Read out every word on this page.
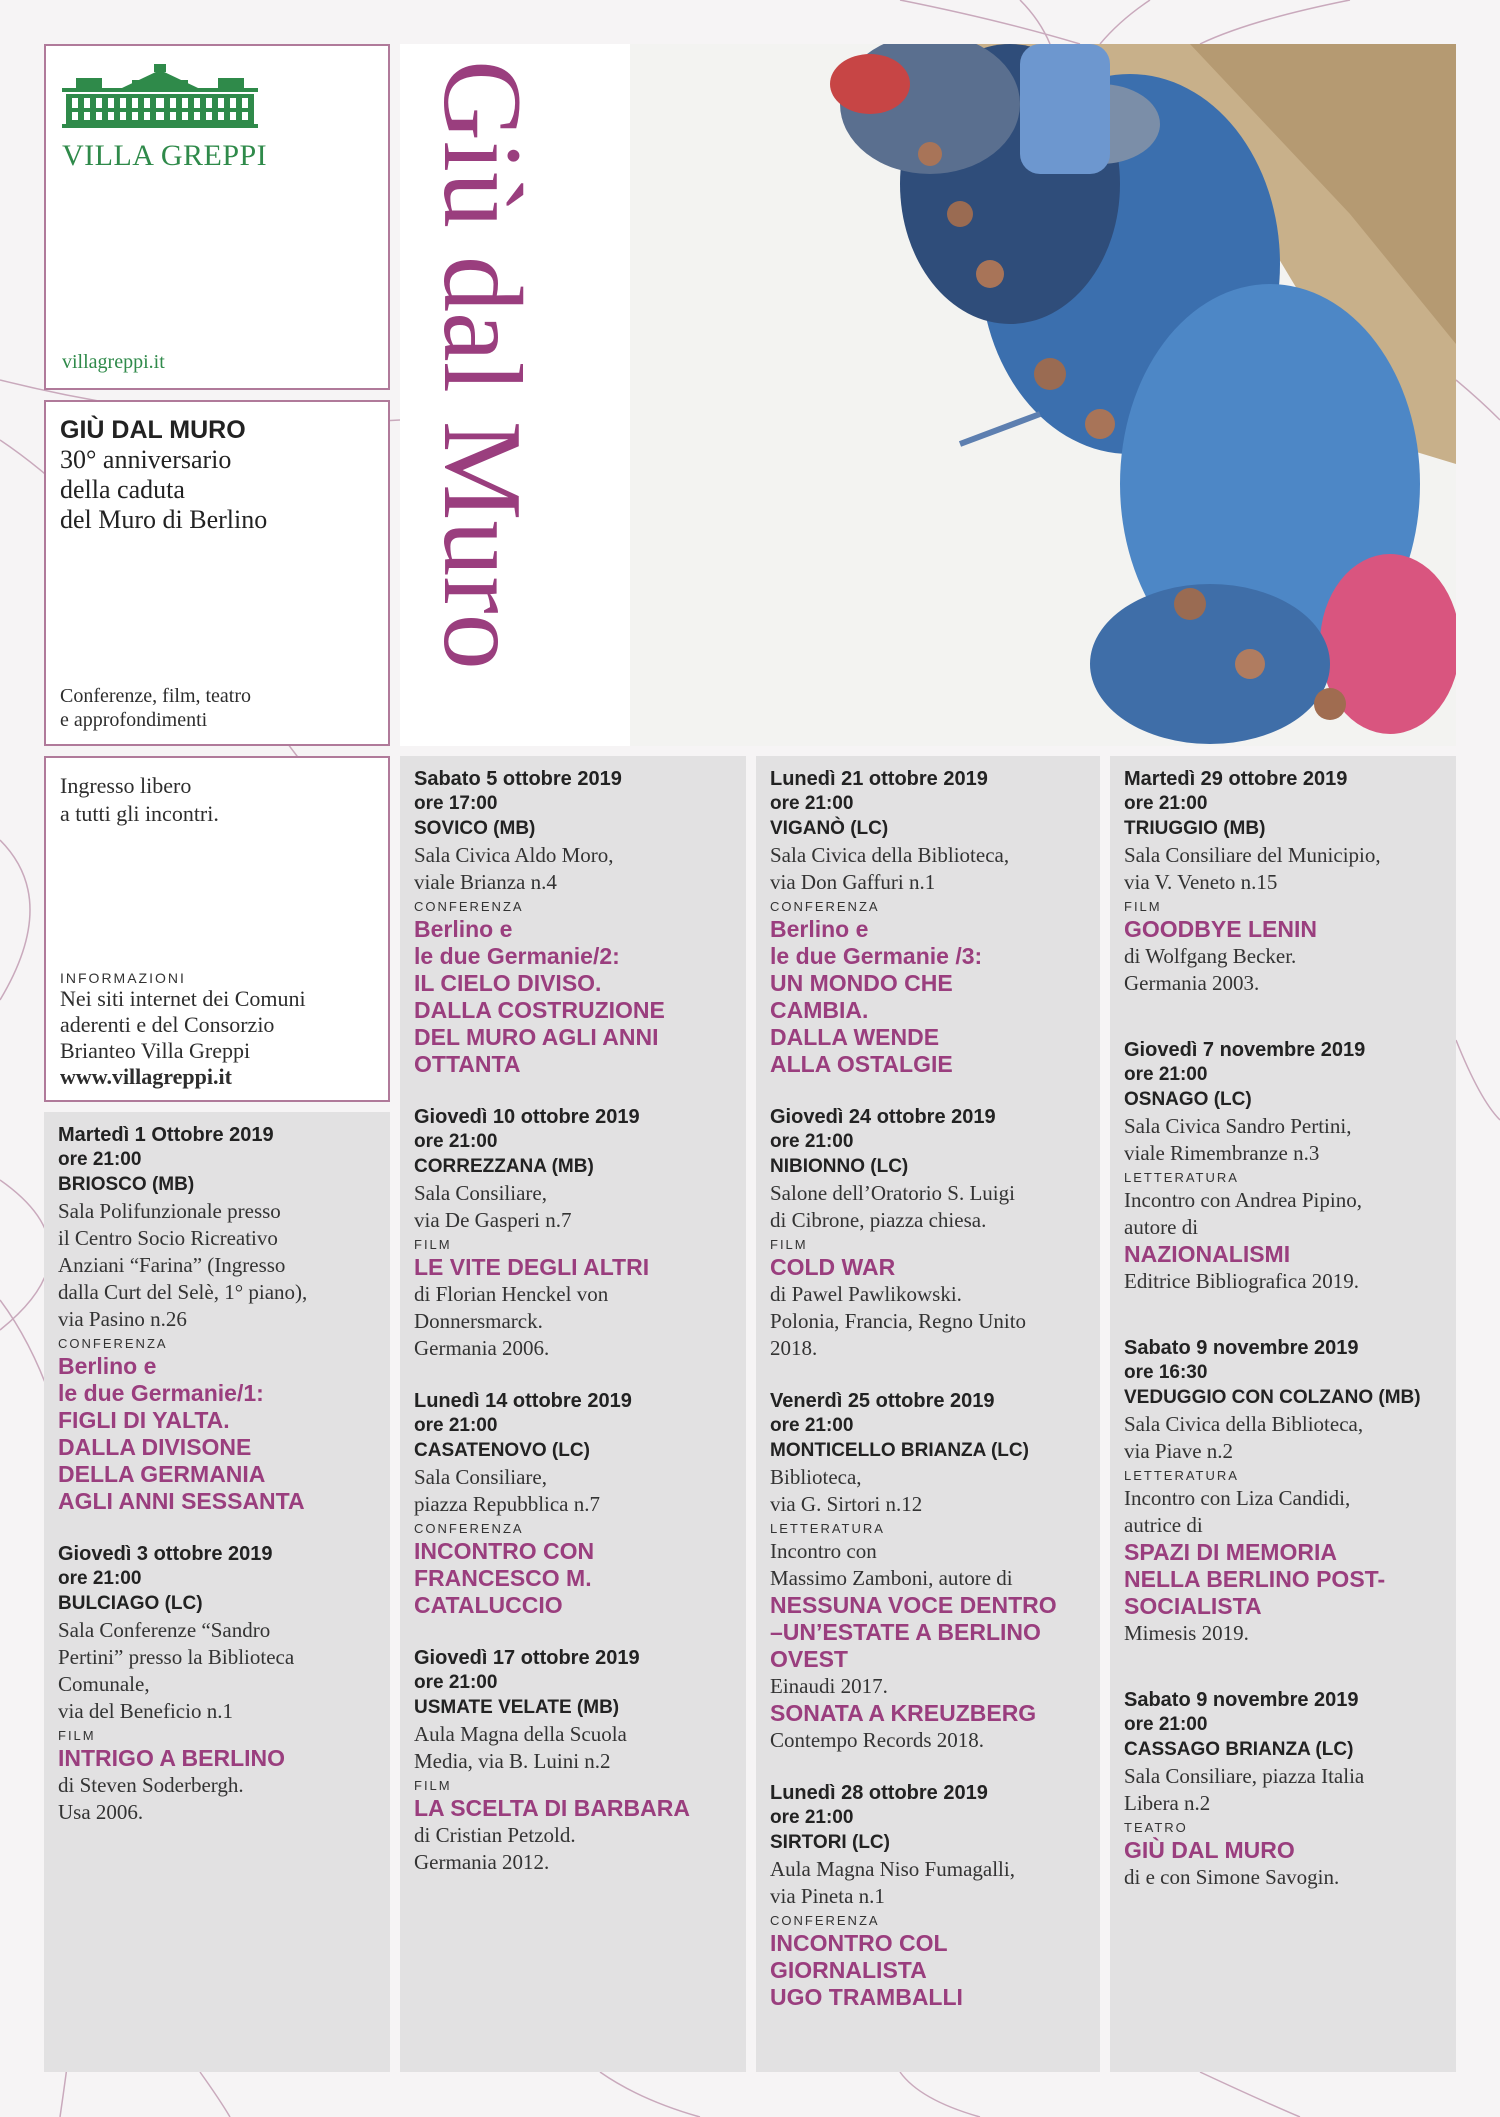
VILLA GREPPI
villagreppi.it
GIÙ DAL MURO
30° anniversario
della caduta
del Muro di Berlino
Conferenze, film, teatro
e approfondimenti
Ingresso libero
a tutti gli incontri.
INFORMAZIONI
Nei siti internet dei Comuni
aderenti e del Consorzio
Brianteo Villa Greppi
www.villagreppi.it
Giù dal Muro
Martedì 1 Ottobre 2019
ore 21:00
BRIOSCO (MB)
Sala Polifunzionale presso
il Centro Socio Ricreativo
Anziani “Farina” (Ingresso
dalla Curt del Selè, 1° piano),
via Pasino n.26
CONFERENZA
Berlino e
le due Germanie/1:
FIGLI DI YALTA.
DALLA DIVISONE
DELLA GERMANIA
AGLI ANNI SESSANTA
Giovedì 3 ottobre 2019
ore 21:00
BULCIAGO (LC)
Sala Conferenze “Sandro
Pertini” presso la Biblioteca
Comunale,
via del Beneficio n.1
FILM
INTRIGO A BERLINO
di Steven Soderbergh.
Usa 2006.
Sabato 5 ottobre 2019
ore 17:00
SOVICO (MB)
Sala Civica Aldo Moro,
viale Brianza n.4
CONFERENZA
Berlino e
le due Germanie/2:
IL CIELO DIVISO.
DALLA COSTRUZIONE
DEL MURO AGLI ANNI
OTTANTA
Giovedì 10 ottobre 2019
ore 21:00
CORREZZANA (MB)
Sala Consiliare,
via De Gasperi n.7
FILM
LE VITE DEGLI ALTRI
di Florian Henckel von
Donnersmarck.
Germania 2006.
Lunedì 14 ottobre 2019
ore 21:00
CASATENOVO (LC)
Sala Consiliare,
piazza Repubblica n.7
CONFERENZA
INCONTRO CON
FRANCESCO M.
CATALUCCIO
Giovedì 17 ottobre 2019
ore 21:00
USMATE VELATE (MB)
Aula Magna della Scuola
Media, via B. Luini n.2
FILM
LA SCELTA DI BARBARA
di Cristian Petzold.
Germania 2012.
Lunedì 21 ottobre 2019
ore 21:00
VIGANÒ (LC)
Sala Civica della Biblioteca,
via Don Gaffuri n.1
CONFERENZA
Berlino e
le due Germanie /3:
UN MONDO CHE
CAMBIA.
DALLA WENDE
ALLA OSTALGIE
Giovedì 24 ottobre 2019
ore 21:00
NIBIONNO (LC)
Salone dell’Oratorio S. Luigi
di Cibrone, piazza chiesa.
FILM
COLD WAR
di Pawel Pawlikowski.
Polonia, Francia, Regno Unito
2018.
Venerdì 25 ottobre 2019
ore 21:00
MONTICELLO BRIANZA (LC)
Biblioteca,
via G. Sirtori n.12
LETTERATURA
Incontro con
Massimo Zamboni, autore di
NESSUNA VOCE DENTRO
–UN’ESTATE A BERLINO
OVEST
Einaudi 2017.
SONATA A KREUZBERG
Contempo Records 2018.
Lunedì 28 ottobre 2019
ore 21:00
SIRTORI (LC)
Aula Magna Niso Fumagalli,
via Pineta n.1
CONFERENZA
INCONTRO COL
GIORNALISTA
UGO TRAMBALLI
Martedì 29 ottobre 2019
ore 21:00
TRIUGGIO (MB)
Sala Consiliare del Municipio,
via V. Veneto n.15
FILM
GOODBYE LENIN
di Wolfgang Becker.
Germania 2003.
Giovedì 7 novembre 2019
ore 21:00
OSNAGO (LC)
Sala Civica Sandro Pertini,
viale Rimembranze n.3
LETTERATURA
Incontro con Andrea Pipino,
autore di
NAZIONALISMI
Editrice Bibliografica 2019.
Sabato 9 novembre 2019
ore 16:30
VEDUGGIO CON COLZANO (MB)
Sala Civica della Biblioteca,
via Piave n.2
LETTERATURA
Incontro con Liza Candidi,
autrice di
SPAZI DI MEMORIA
NELLA BERLINO POST-
SOCIALISTA
Mimesis 2019.
Sabato 9 novembre 2019
ore 21:00
CASSAGO BRIANZA (LC)
Sala Consiliare, piazza Italia
Libera n.2
TEATRO
GIÙ DAL MURO
di e con Simone Savogin.
